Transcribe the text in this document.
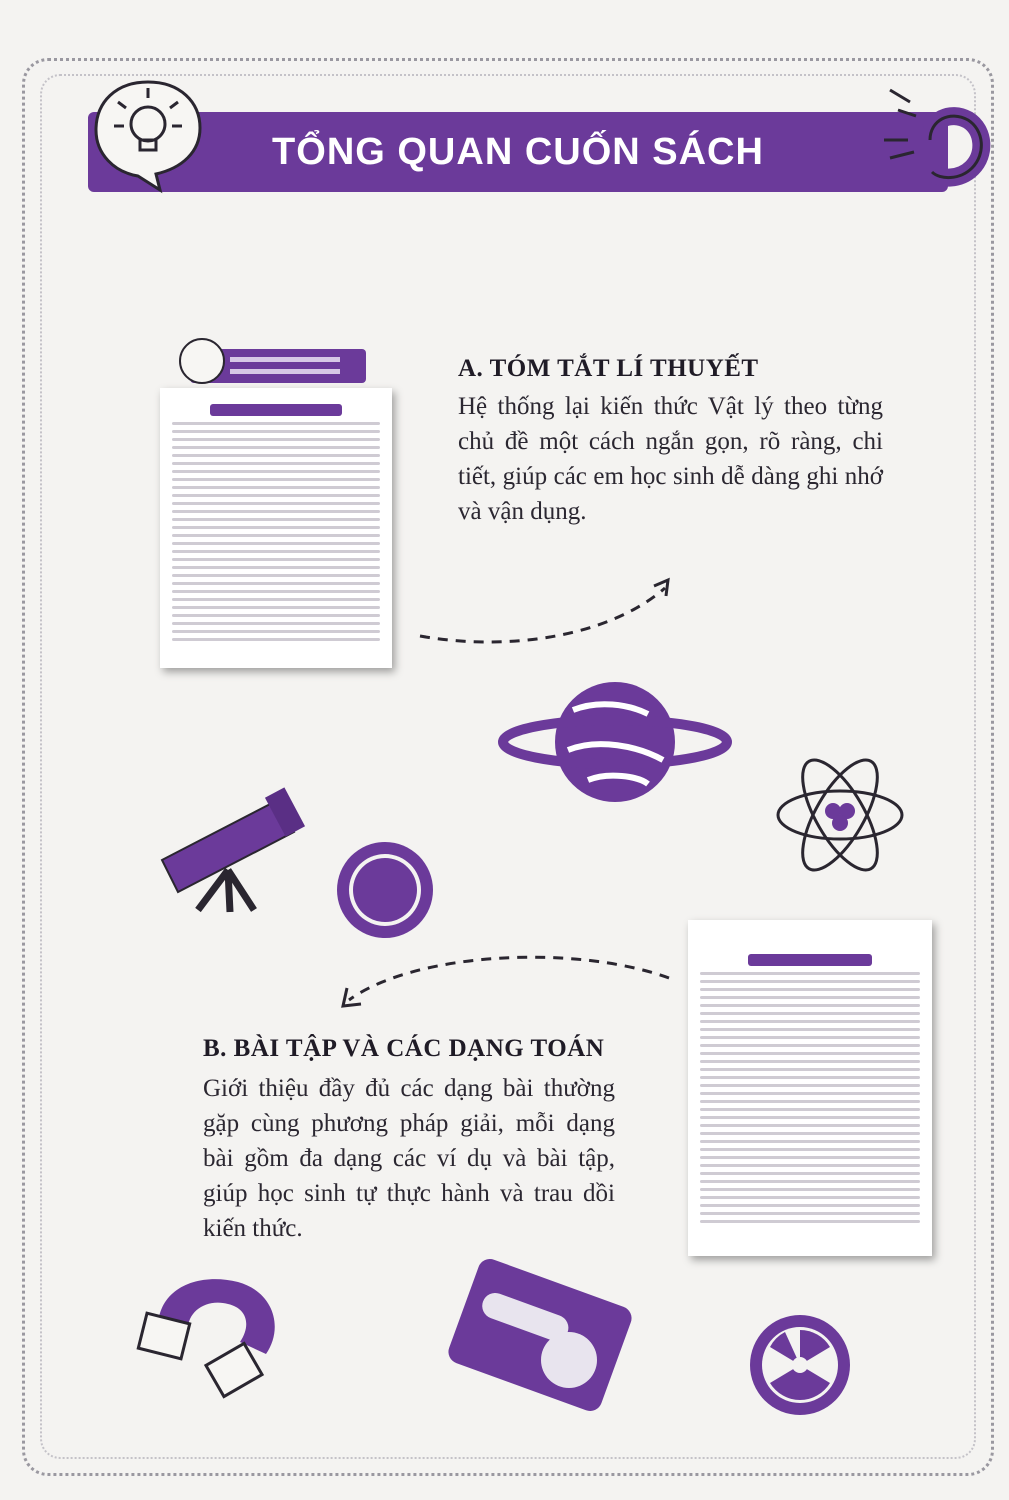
TỔNG QUAN CUỐN SÁCH
A. TÓM TẮT LÍ THUYẾT
Hệ thống lại kiến thức Vật lý theo từng chủ đề một cách ngắn gọn, rõ ràng, chi tiết, giúp các em học sinh dễ dàng ghi nhớ và vận dụng.
B. BÀI TẬP VÀ CÁC DẠNG TOÁN
Giới thiệu đầy đủ các dạng bài thường gặp cùng phương pháp giải, mỗi dạng bài gồm đa dạng các ví dụ và bài tập, giúp học sinh tự thực hành và trau dồi kiến thức.
